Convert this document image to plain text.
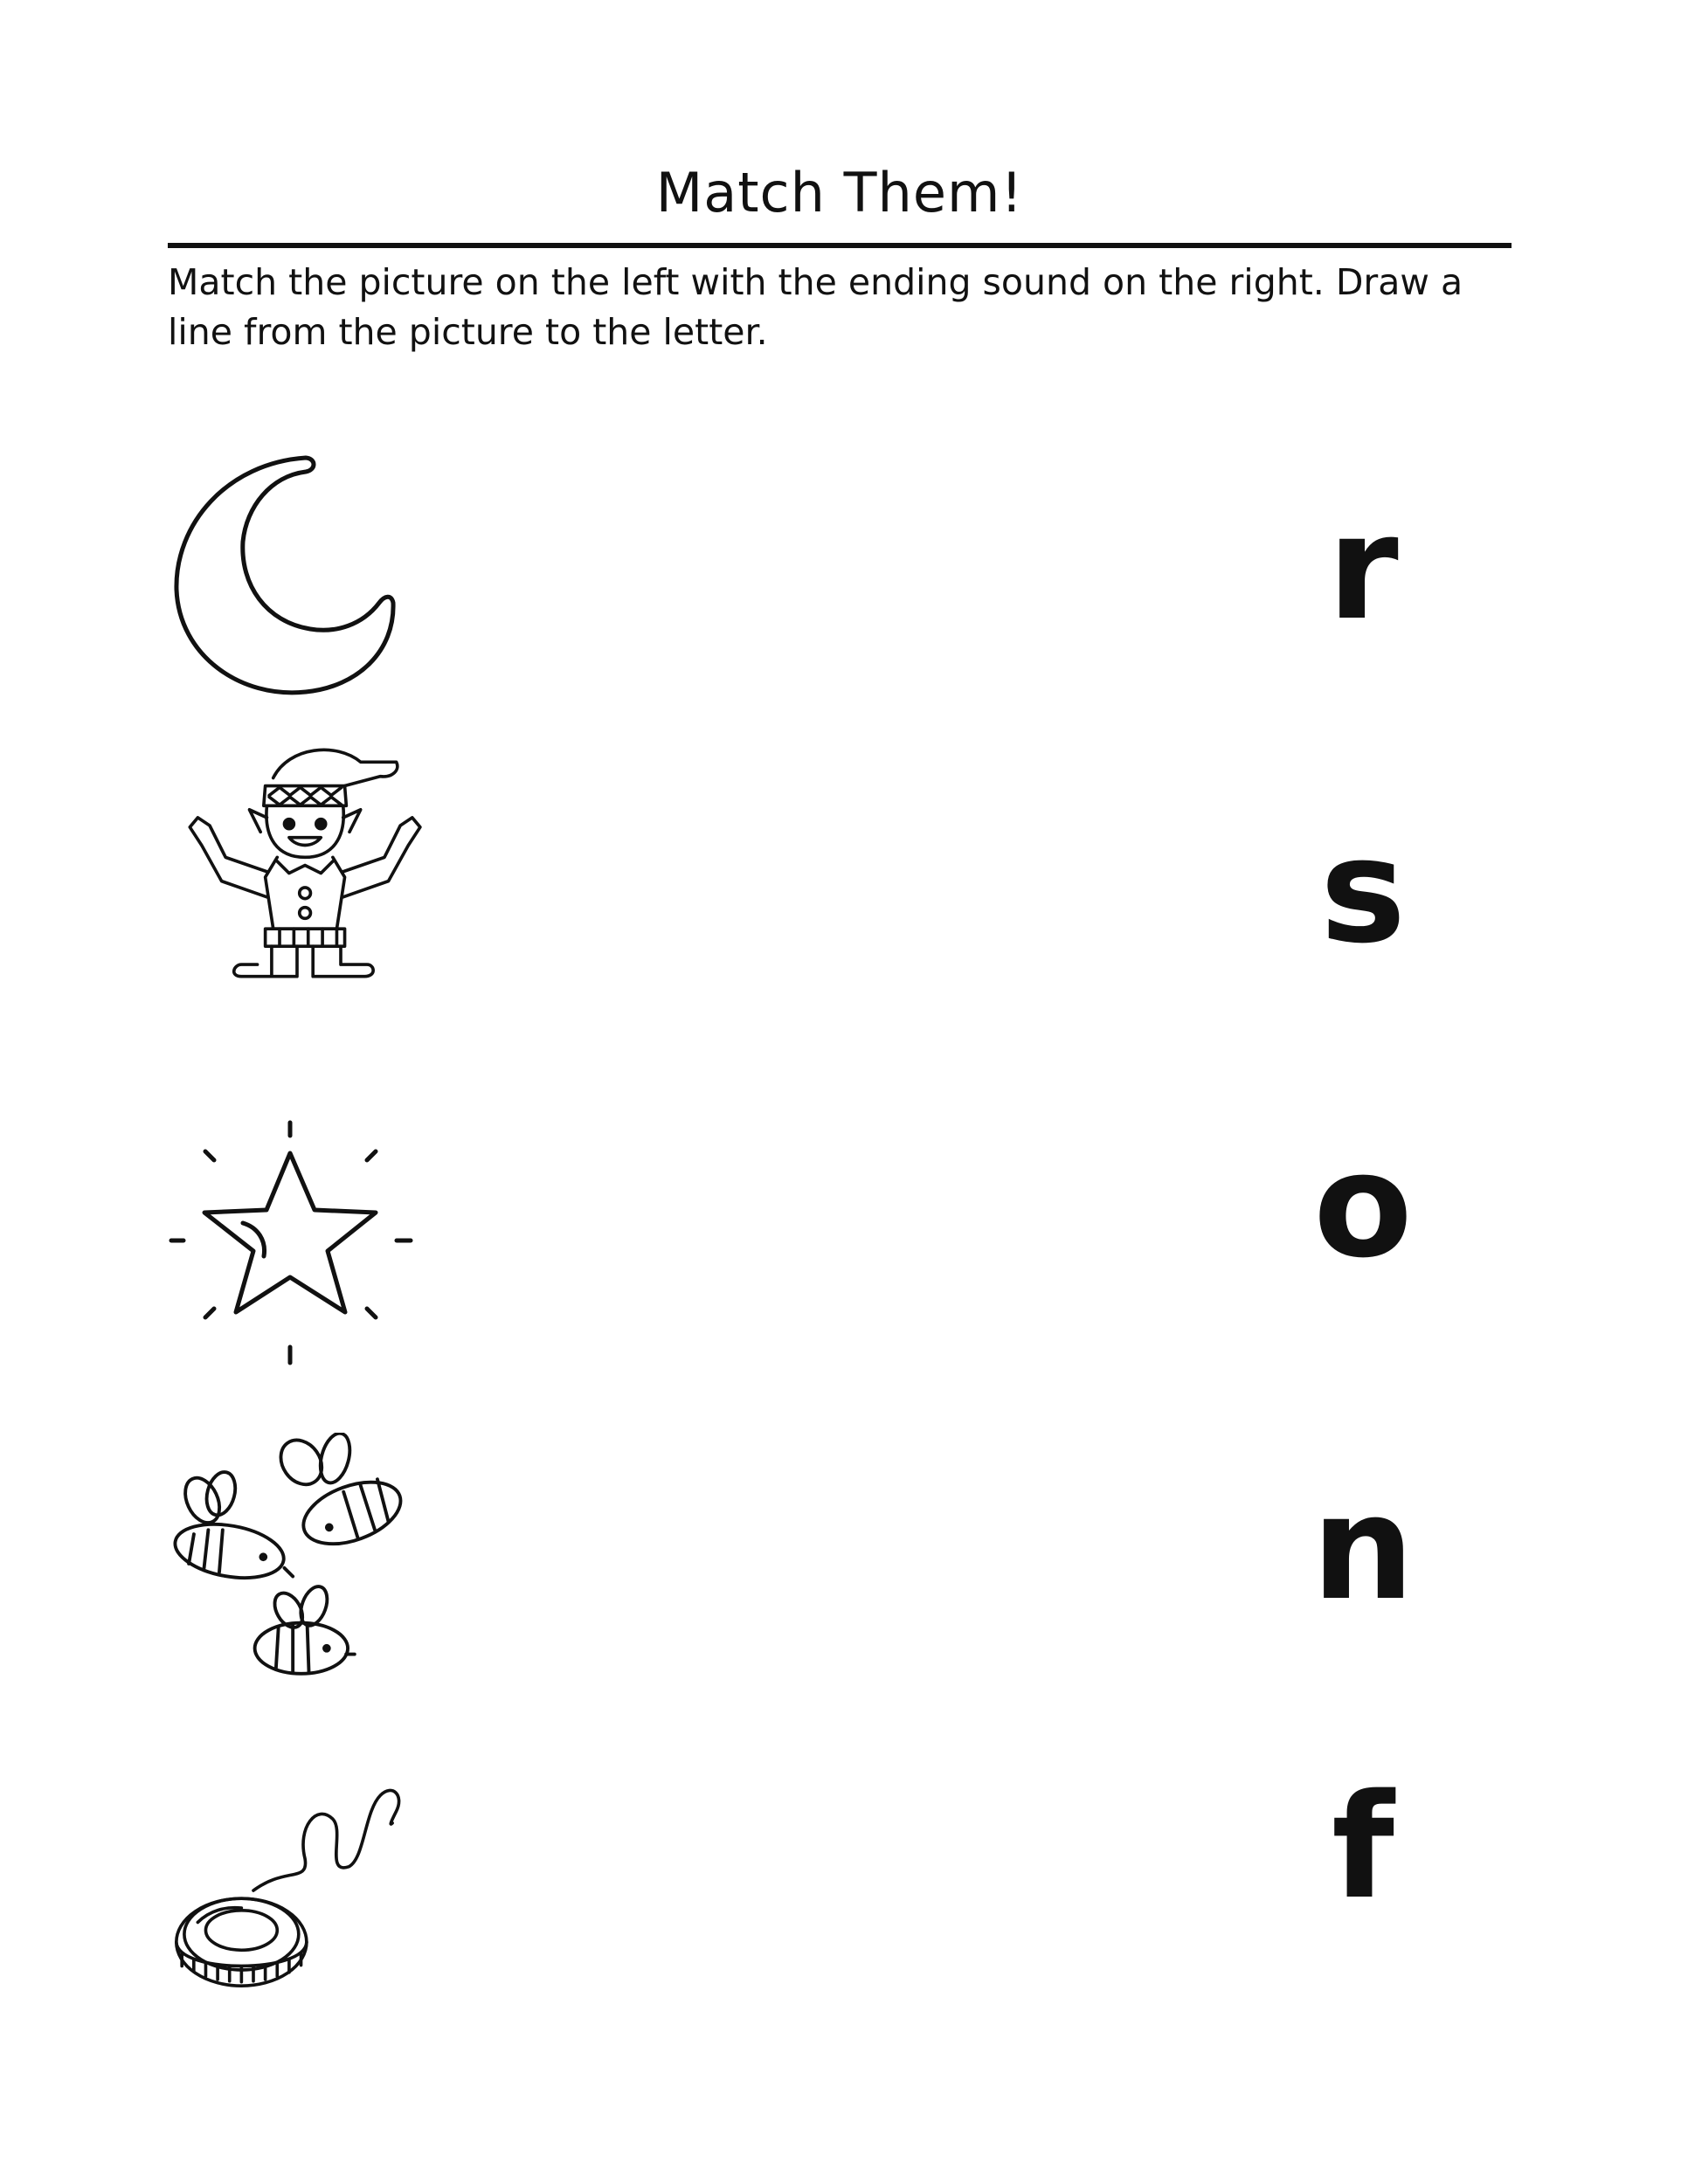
Match Them!
Match the picture on the left with the ending sound on the right. Draw a line from the picture to the letter.
r
s
o
n
f
